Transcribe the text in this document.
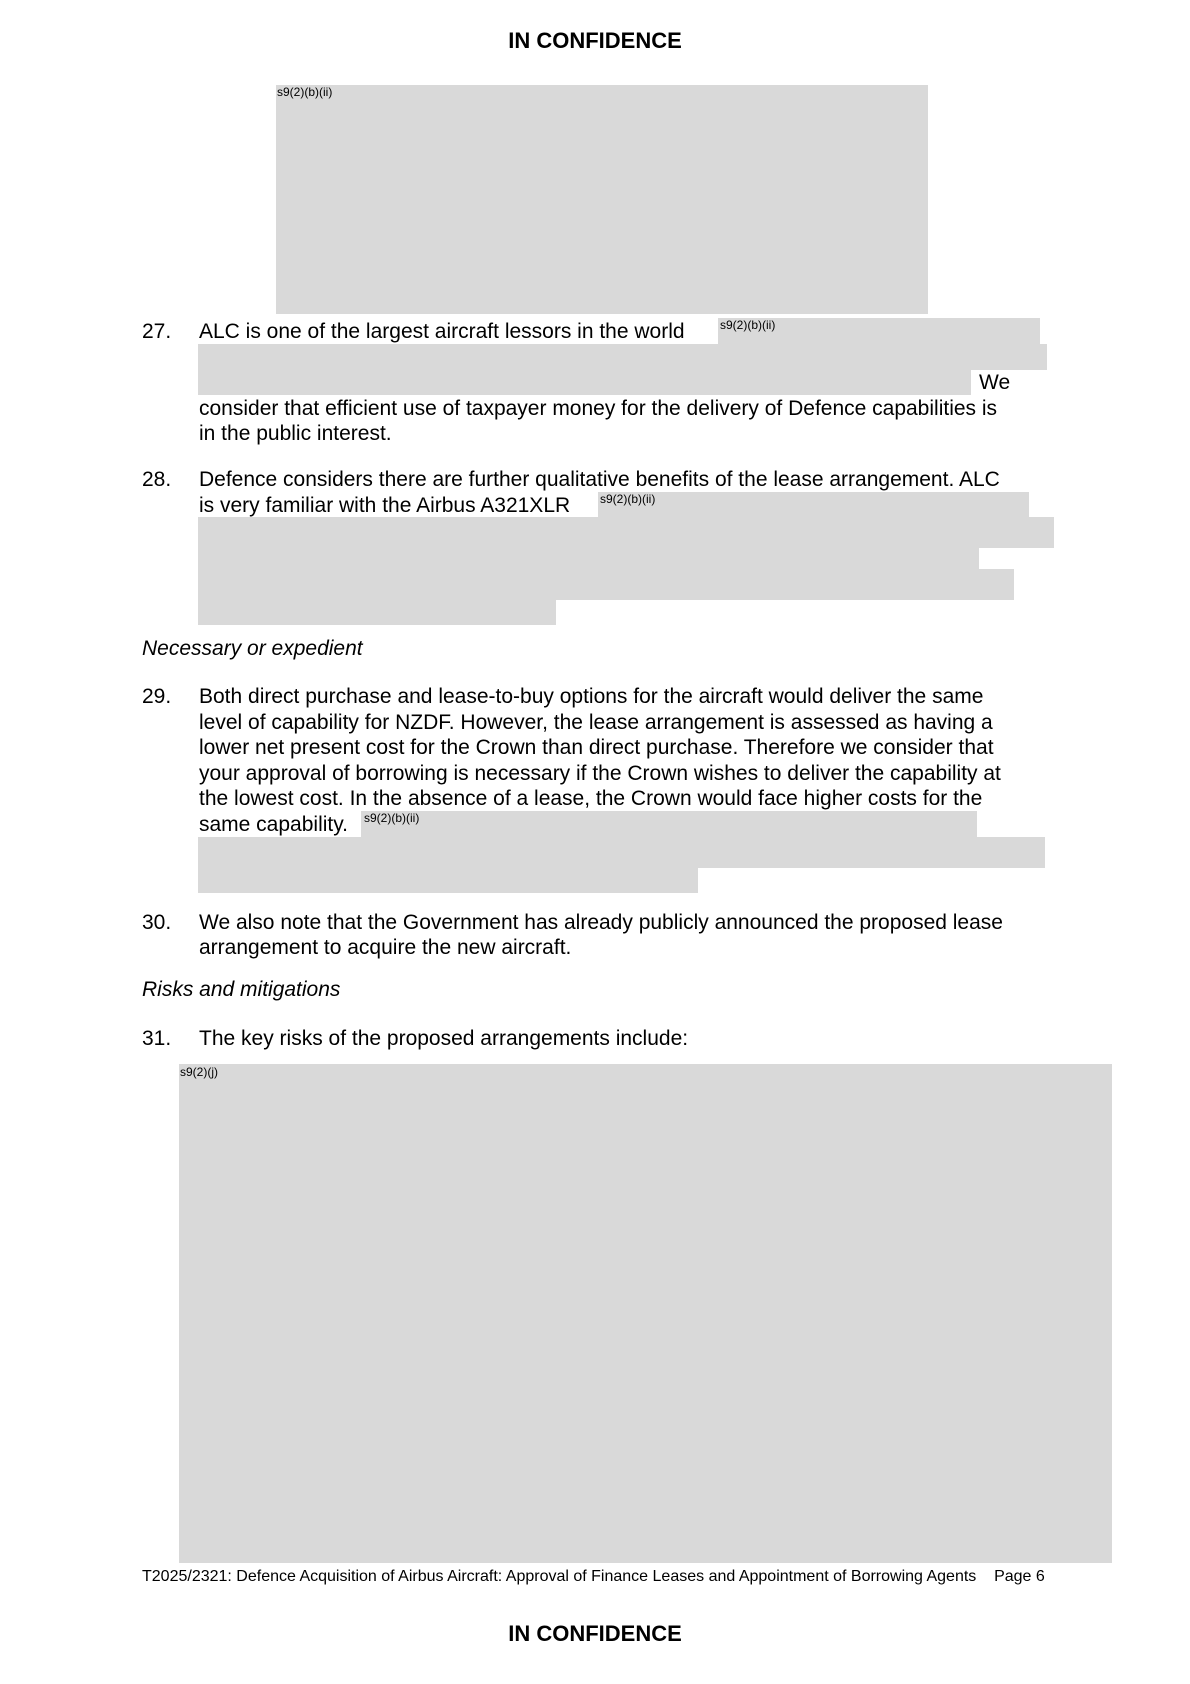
IN CONFIDENCE
s9(2)(b)(ii)
27. ALC is one of the largest aircraft lessors in the world	s9(2)(b)(ii)
We
consider that efficient use of taxpayer money for the delivery of Defence capabilities is
in the public interest.
28. Defence considers there are further qualitative benefits of the lease arrangement. ALC
is very familiar with the Airbus A321XLR s9(2)(b)(ii)
Necessary or expedient
29. Both direct purchase and lease-to-buy options for the aircraft would deliver the same
level of capability for NZDF. However, the lease arrangement is assessed as having a
lower net present cost for the Crown than direct purchase. Therefore we consider that
your approval of borrowing is necessary if the Crown wishes to deliver the capability at
the lowest cost. In the absence of a lease, the Crown would face higher costs for the
same capability. s9(2)(b)(ii)
30. We also note that the Government has already publicly announced the proposed lease
arrangement to acquire the new aircraft.
Risks and mitigations
31. The key risks of the proposed arrangements include:
s9(2)(j)
T2025/2321: Defence Acquisition of Airbus Aircraft: Approval of Finance Leases and Appointment of Borrowing Agents Page 6
IN CONFIDENCE
